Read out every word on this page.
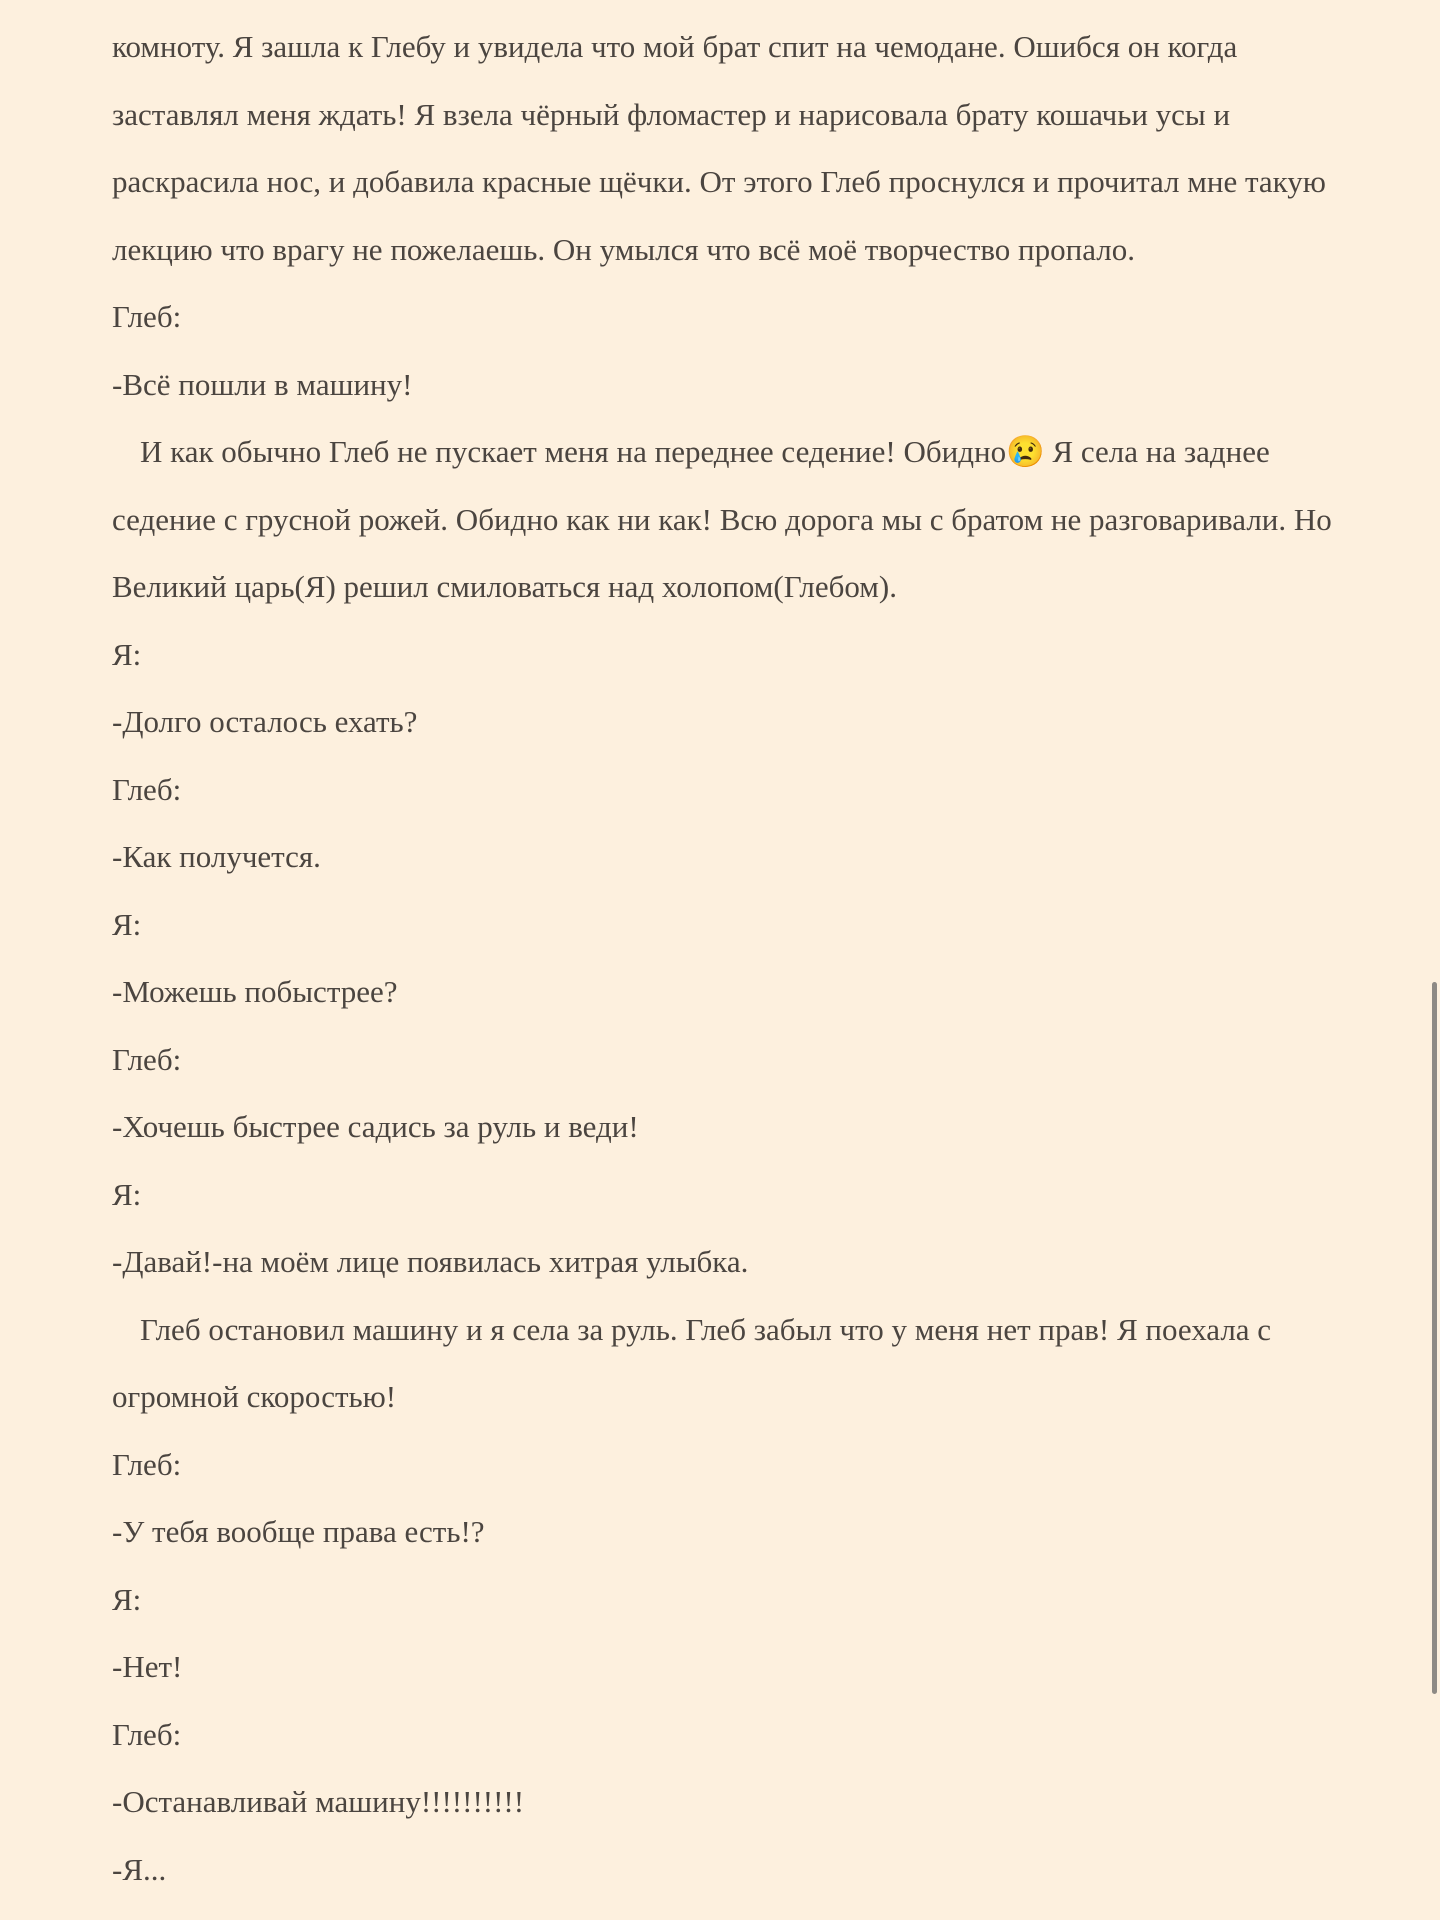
комноту. Я зашла к Глебу и увидела что мой брат спит на чемодане. Ошибся он когда заставлял меня ждать! Я взела чёрный фломастер и нарисовала брату кошачьи усы и раскрасила нос, и добавила красные щёчки. От этого Глеб проснулся и прочитал мне такую лекцию что врагу не пожелаешь. Он умылся что всё моё творчество пропало.

Глеб:

-Всё пошли в машину!

И как обычно Глеб не пускает меня на переднее седение! Обидно😢 Я села на заднее седение с грусной рожей. Обидно как ни как! Всю дорога мы с братом не разговаривали. Но Великий царь(Я) решил смиловаться над холопом(Глебом).

Я:

-Долго осталось ехать?

Глеб:

-Как получется.

Я:

-Можешь побыстрее?

Глеб:

-Хочешь быстрее садись за руль и веди!

Я:

-Давай!-на моём лице появилась хитрая улыбка.

Глеб остановил машину и я села за руль. Глеб забыл что у меня нет прав! Я поехала с огромной скоростью!

Глеб:

-У тебя вообще права есть!?

Я:

-Нет!

Глеб:

-Останавливай машину!!!!!!!!!!

-Я...
